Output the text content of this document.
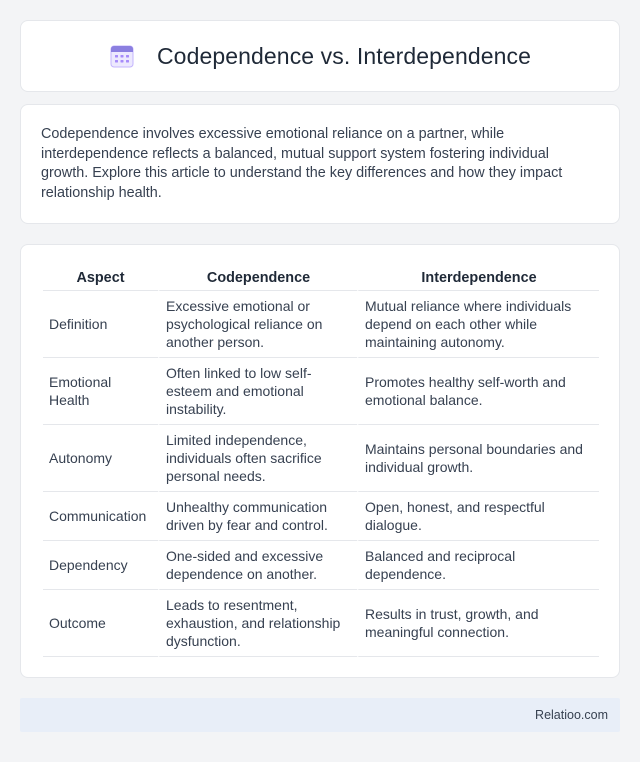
Codependence vs. Interdependence

Codependence involves excessive emotional reliance on a partner, while interdependence reflects a balanced, mutual support system fostering individual growth. Explore this article to understand the key differences and how they impact relationship health.

Aspect	Codependence	Interdependence
Definition	Excessive emotional or psychological reliance on another person.	Mutual reliance where individuals depend on each other while maintaining autonomy.
Emotional Health	Often linked to low self-esteem and emotional instability.	Promotes healthy self-worth and emotional balance.
Autonomy	Limited independence, individuals often sacrifice personal needs.	Maintains personal boundaries and individual growth.
Communication	Unhealthy communication driven by fear and control.	Open, honest, and respectful dialogue.
Dependency	One-sided and excessive dependence on another.	Balanced and reciprocal dependence.
Outcome	Leads to resentment, exhaustion, and relationship dysfunction.	Results in trust, growth, and meaningful connection.
Relatioo.com
